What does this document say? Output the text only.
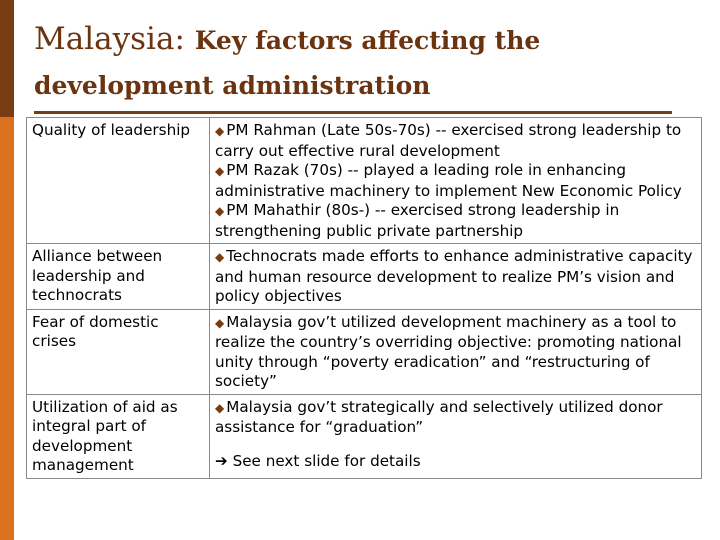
Malaysia: Key factors affecting the
development administration
Quality of leadership	◆ PM Rahman (Late 50s-70s) -- exercised strong leadership to carry out effective rural development
◆ PM Razak (70s) -- played a leading role in enhancing administrative machinery to implement New Economic Policy
◆ PM Mahathir (80s-) -- exercised strong leadership in strengthening public private partnership

Alliance between leadership and technocrats	◆ Technocrats made efforts to enhance administrative capacity and human resource development to realize PM’s vision and policy objectives

Fear of domestic crises	◆ Malaysia gov’t utilized development machinery as a tool to realize the country’s overriding objective: promoting national unity through “poverty eradication” and “restructuring of society”

Utilization of aid as integral part of development management	◆ Malaysia gov’t strategically and selectively utilized donor assistance for “graduation”
➔ See next slide for details
